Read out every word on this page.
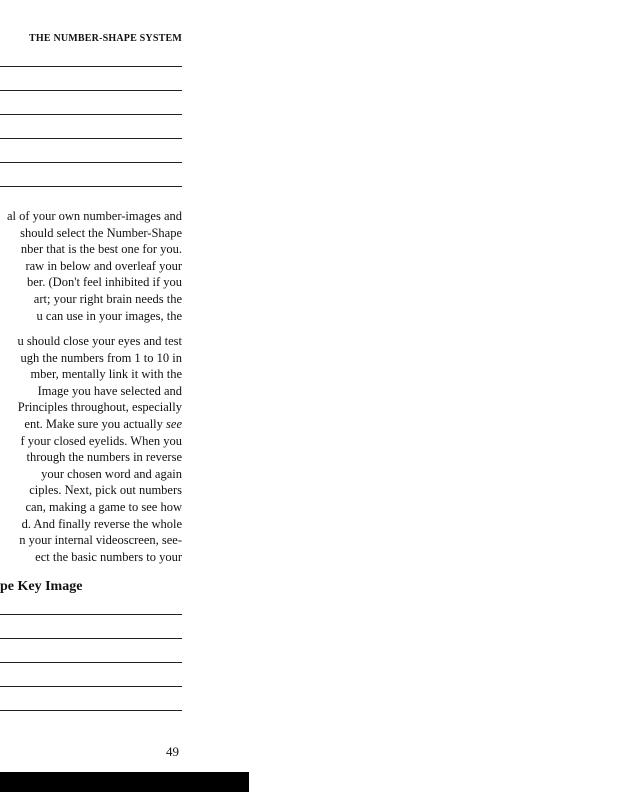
THE NUMBER-SHAPE SYSTEM
al of your own number-images and
should select the Number-Shape
nber that is the best one for you.
raw in below and overleaf your
ber. (Don't feel inhibited if you
art; your right brain needs the
u can use in your images, the
u should close your eyes and test
ugh the numbers from 1 to 10 in
mber, mentally link it with the
Image you have selected and
Principles throughout, especially
ent. Make sure you actually see
f your closed eyelids. When you
through the numbers in reverse
your chosen word and again
ciples. Next, pick out numbers
can, making a game to see how
d. And finally reverse the whole
n your internal videoscreen, see-
ect the basic numbers to your
pe Key Image
49
